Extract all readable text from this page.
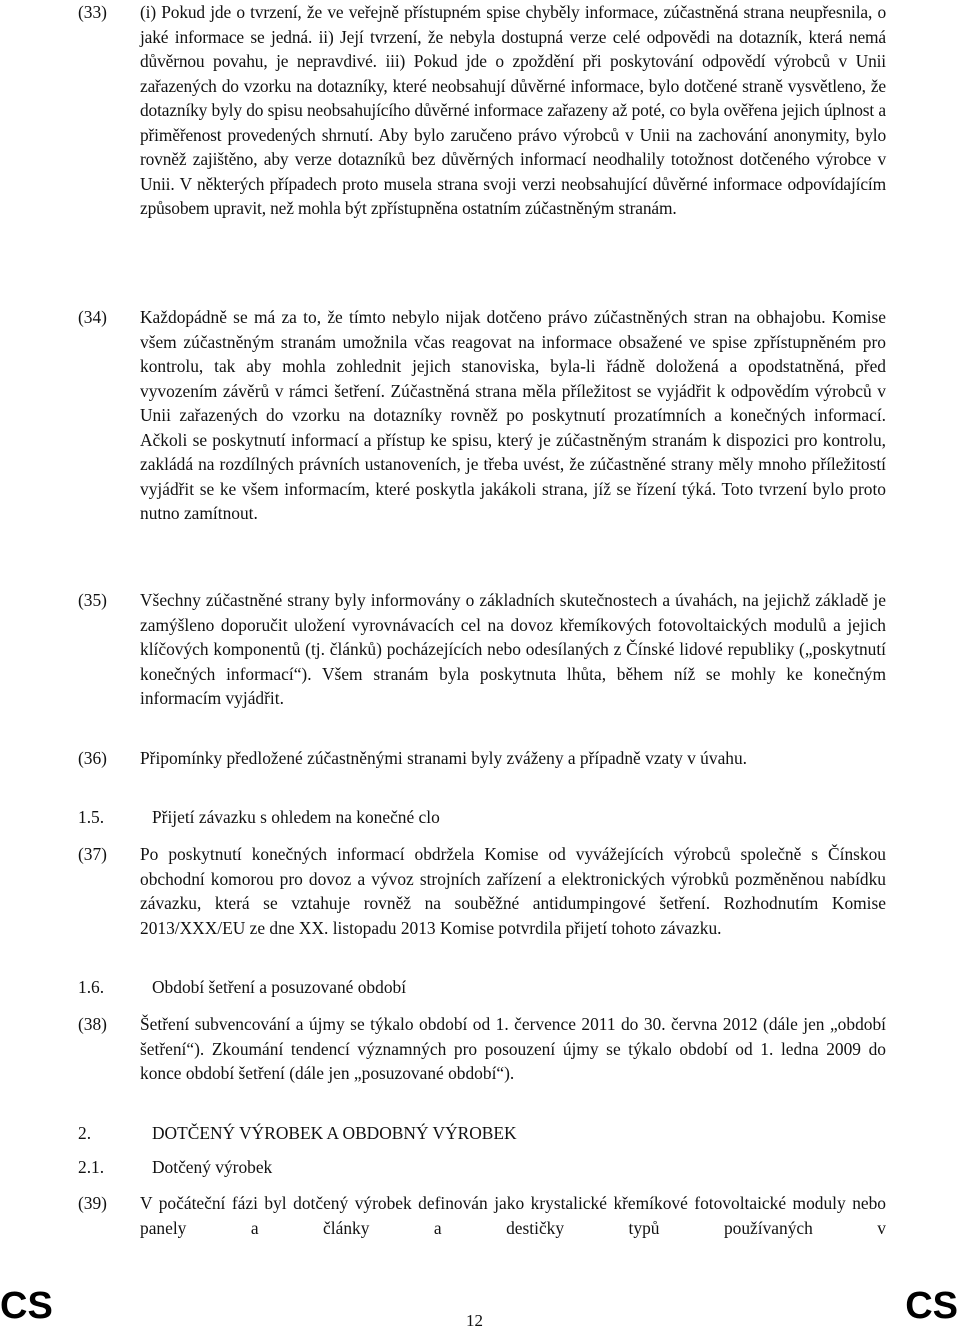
(33)	(i) Pokud jde o tvrzení, že ve veřejně přístupném spise chyběly informace, zúčastněná strana neupřesnila, o jaké informace se jedná. ii) Její tvrzení, že nebyla dostupná verze celé odpovědi na dotazník, která nemá důvěrnou povahu, je nepravdivé. iii) Pokud jde o zpoždění při poskytování odpovědí výrobců v Unii zařazených do vzorku na dotazníky, které neobsahují důvěrné informace, bylo dotčené straně vysvětleno, že dotazníky byly do spisu neobsahujícího důvěrné informace zařazeny až poté, co byla ověřena jejich úplnost a přiměřenost provedených shrnutí. Aby bylo zaručeno právo výrobců v Unii na zachování anonymity, bylo rovněž zajištěno, aby verze dotazníků bez důvěrných informací neodhalily totožnost dotčeného výrobce v Unii. V některých případech proto musela strana svoji verzi neobsahující důvěrné informace odpovídajícím způsobem upravit, než mohla být zpřístupněna ostatním zúčastněným stranám.
(34)	Každopádně se má za to, že tímto nebylo nijak dotčeno právo zúčastněných stran na obhajobu. Komise všem zúčastněným stranám umožnila včas reagovat na informace obsažené ve spise zpřístupněném pro kontrolu, tak aby mohla zohlednit jejich stanoviska, byla-li řádně doložená a opodstatněná, před vyvozením závěrů v rámci šetření. Zúčastněná strana měla příležitost se vyjádřit k odpovědím výrobců v Unii zařazených do vzorku na dotazníky rovněž po poskytnutí prozatímních a konečných informací. Ačkoli se poskytnutí informací a přístup ke spisu, který je zúčastněným stranám k dispozici pro kontrolu, zakládá na rozdílných právních ustanoveních, je třeba uvést, že zúčastněné strany měly mnoho příležitostí vyjádřit se ke všem informacím, které poskytla jakákoli strana, jíž se řízení týká. Toto tvrzení bylo proto nutno zamítnout.
(35)	Všechny zúčastněné strany byly informovány o základních skutečnostech a úvahách, na jejichž základě je zamýšleno doporučit uložení vyrovnávacích cel na dovoz křemíkových fotovoltaických modulů a jejich klíčových komponentů (tj. článků) pocházejících nebo odesílaných z Čínské lidové republiky („poskytnutí konečných informací“). Všem stranám byla poskytnuta lhůta, během níž se mohly ke konečným informacím vyjádřit.
(36)	Připomínky předložené zúčastněnými stranami byly zváženy a případně vzaty v úvahu.
1.5.	Přijetí závazku s ohledem na konečné clo
(37)	Po poskytnutí konečných informací obdržela Komise od vyvážejících výrobců společně s Čínskou obchodní komorou pro dovoz a vývoz strojních zařízení a elektronických výrobků pozměněnou nabídku závazku, která se vztahuje rovněž na souběžné antidumpingové šetření. Rozhodnutím Komise 2013/XXX/EU ze dne XX. listopadu 2013 Komise potvrdila přijetí tohoto závazku.
1.6.	Období šetření a posuzované období
(38)	Šetření subvencování a újmy se týkalo období od 1. července 2011 do 30. června 2012 (dále jen „období šetření“). Zkoumání tendencí významných pro posouzení újmy se týkalo období od 1. ledna 2009 do konce období šetření (dále jen „posuzované období“).
2.	DOTČENÝ VÝROBEK A OBDOBNÝ VÝROBEK
2.1.	Dotčený výrobek
(39)	V počáteční fázi byl dotčený výrobek definován jako krystalické křemíkové fotovoltaické moduly nebo panely a články a destičky typů používaných v
CS	12	CS
